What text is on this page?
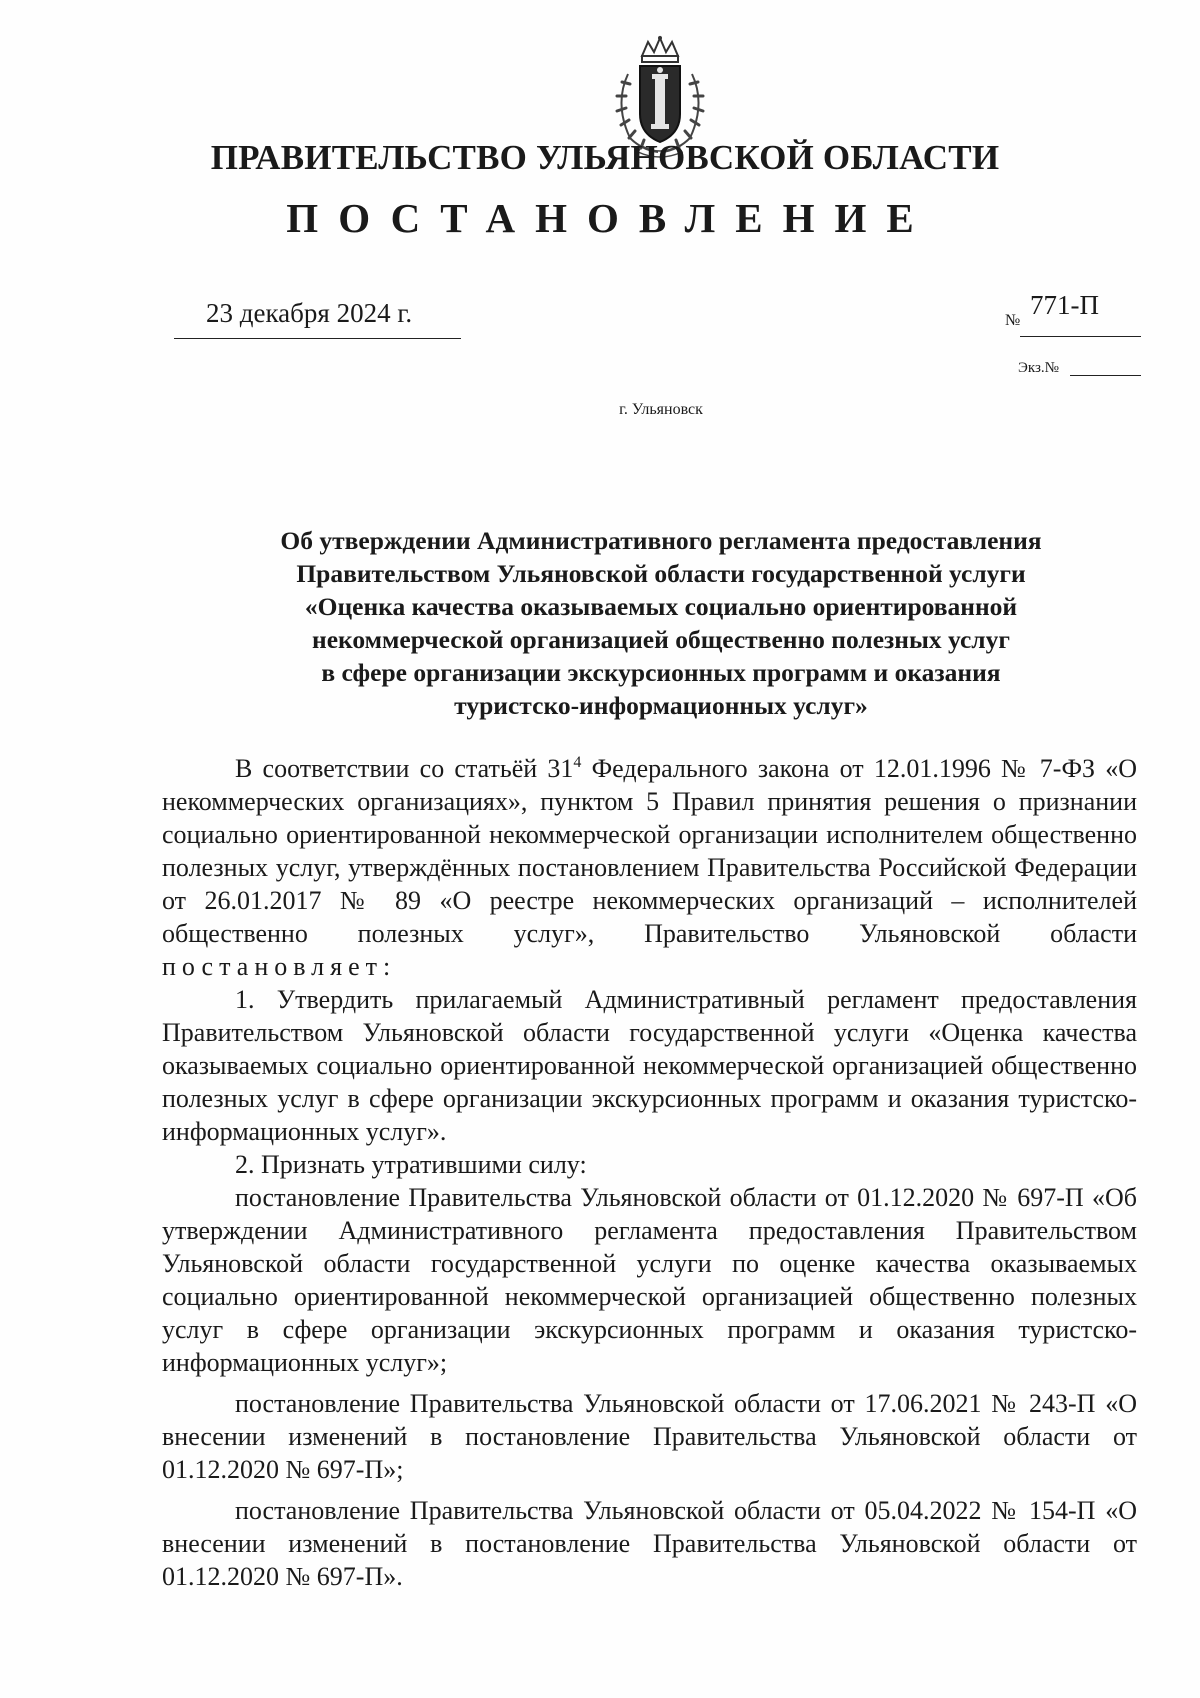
ПРАВИТЕЛЬСТВО УЛЬЯНОВСКОЙ ОБЛАСТИ
ПОСТАНОВЛЕНИЕ
23 декабря 2024 г.	№
771-П
Экз.№
г. Ульяновск
Об утверждении Административного регламента предоставления
Правительством Ульяновской области государственной услуги
«Оценка качества оказываемых социально ориентированной
некоммерческой организацией общественно полезных услуг
в сфере организации экскурсионных программ и оказания
туристско-информационных услуг»

В соответствии со статьёй $31^4$ Федерального закона от 12.01.1996 № 7-ФЗ «О некоммерческих организациях», пунктом 5 Правил принятия решения о признании социально ориентированной некоммерческой организации исполнителем общественно полезных услуг, утверждённых постановлением Правительства Российской Федерации от 26.01.2017 № 89 «О реестре некоммерческих организаций – исполнителей общественно полезных услуг», Правительство Ульяновской области постановляет:

1. Утвердить прилагаемый Административный регламент предоставления Правительством Ульяновской области государственной услуги «Оценка качества оказываемых социально ориентированной некоммерческой организацией общественно полезных услуг в сфере организации экскурсионных программ и оказания туристско-информационных услуг».

2. Признать утратившими силу:

постановление Правительства Ульяновской области от 01.12.2020 № 697-П «Об утверждении Административного регламента предоставления Правительством Ульяновской области государственной услуги по оценке качества оказываемых социально ориентированной некоммерческой организацией общественно полезных услуг в сфере организации экскурсионных программ и оказания туристско-информационных услуг»;

постановление Правительства Ульяновской области от 17.06.2021 № 243-П «О внесении изменений в постановление Правительства Ульяновской области от 01.12.2020 № 697-П»;

постановление Правительства Ульяновской области от 05.04.2022 № 154-П «О внесении изменений в постановление Правительства Ульяновской области от 01.12.2020 № 697-П».
